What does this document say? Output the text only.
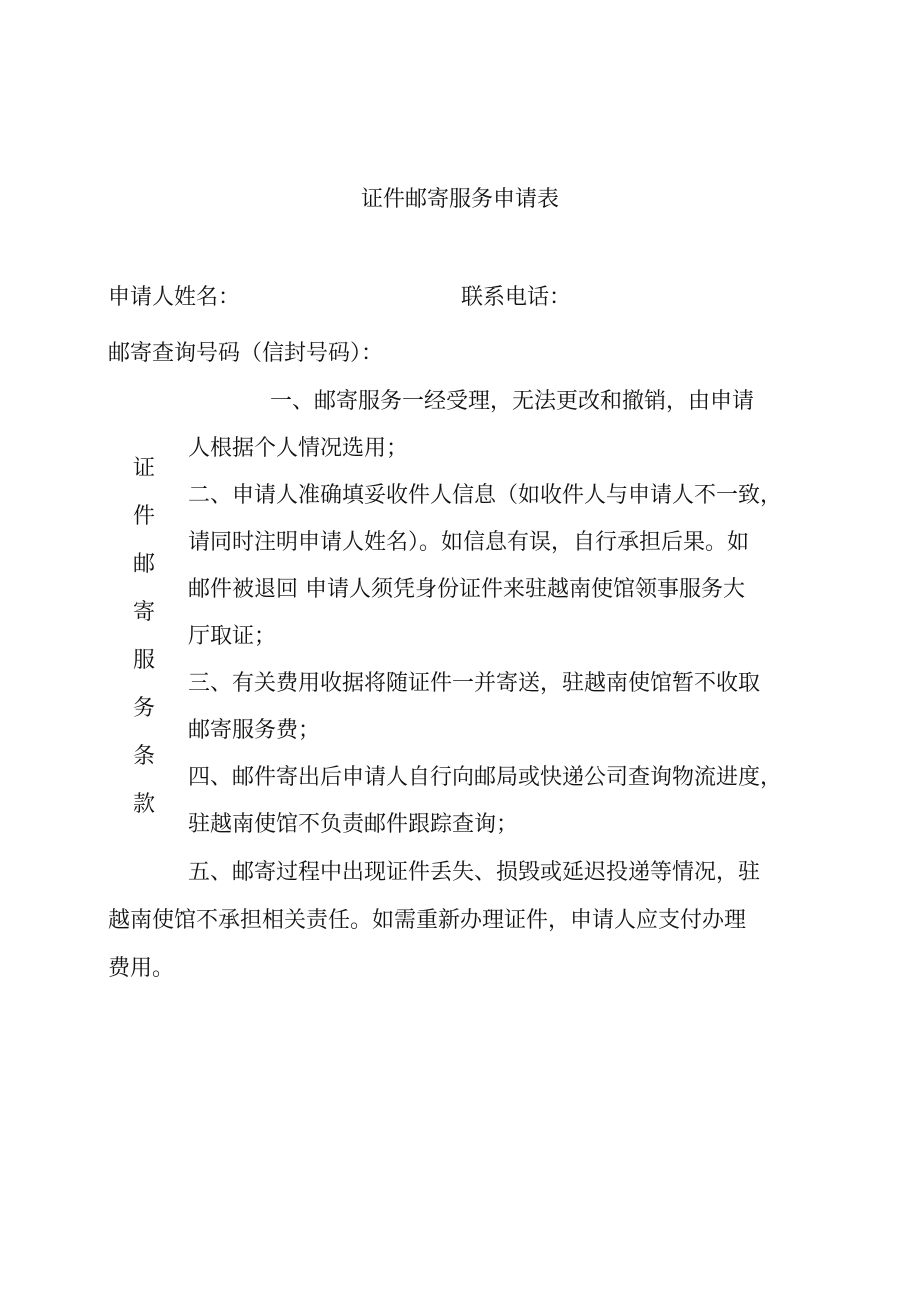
证件邮寄服务申请表
申请人姓名：	联系电话：
邮寄查询号码（信封号码）：
证
件
邮
寄
服
务
条
款
一、邮寄服务一经受理，无法更改和撤销，由申请
人根据个人情况选用；
二、申请人准确填妥收件人信息（如收件人与申请人不一致，
请同时注明申请人姓名）。如信息有误，自行承担后果。如
邮件被退回 申请人须凭身份证件来驻越南使馆领事服务大
厅取证；
三、有关费用收据将随证件一并寄送，驻越南使馆暂不收取
邮寄服务费；
四、邮件寄出后申请人自行向邮局或快递公司查询物流进度，
驻越南使馆不负责邮件跟踪查询；
五、邮寄过程中出现证件丢失、损毁或延迟投递等情况，驻
越南使馆不承担相关责任。如需重新办理证件，申请人应支付办理
费用。
